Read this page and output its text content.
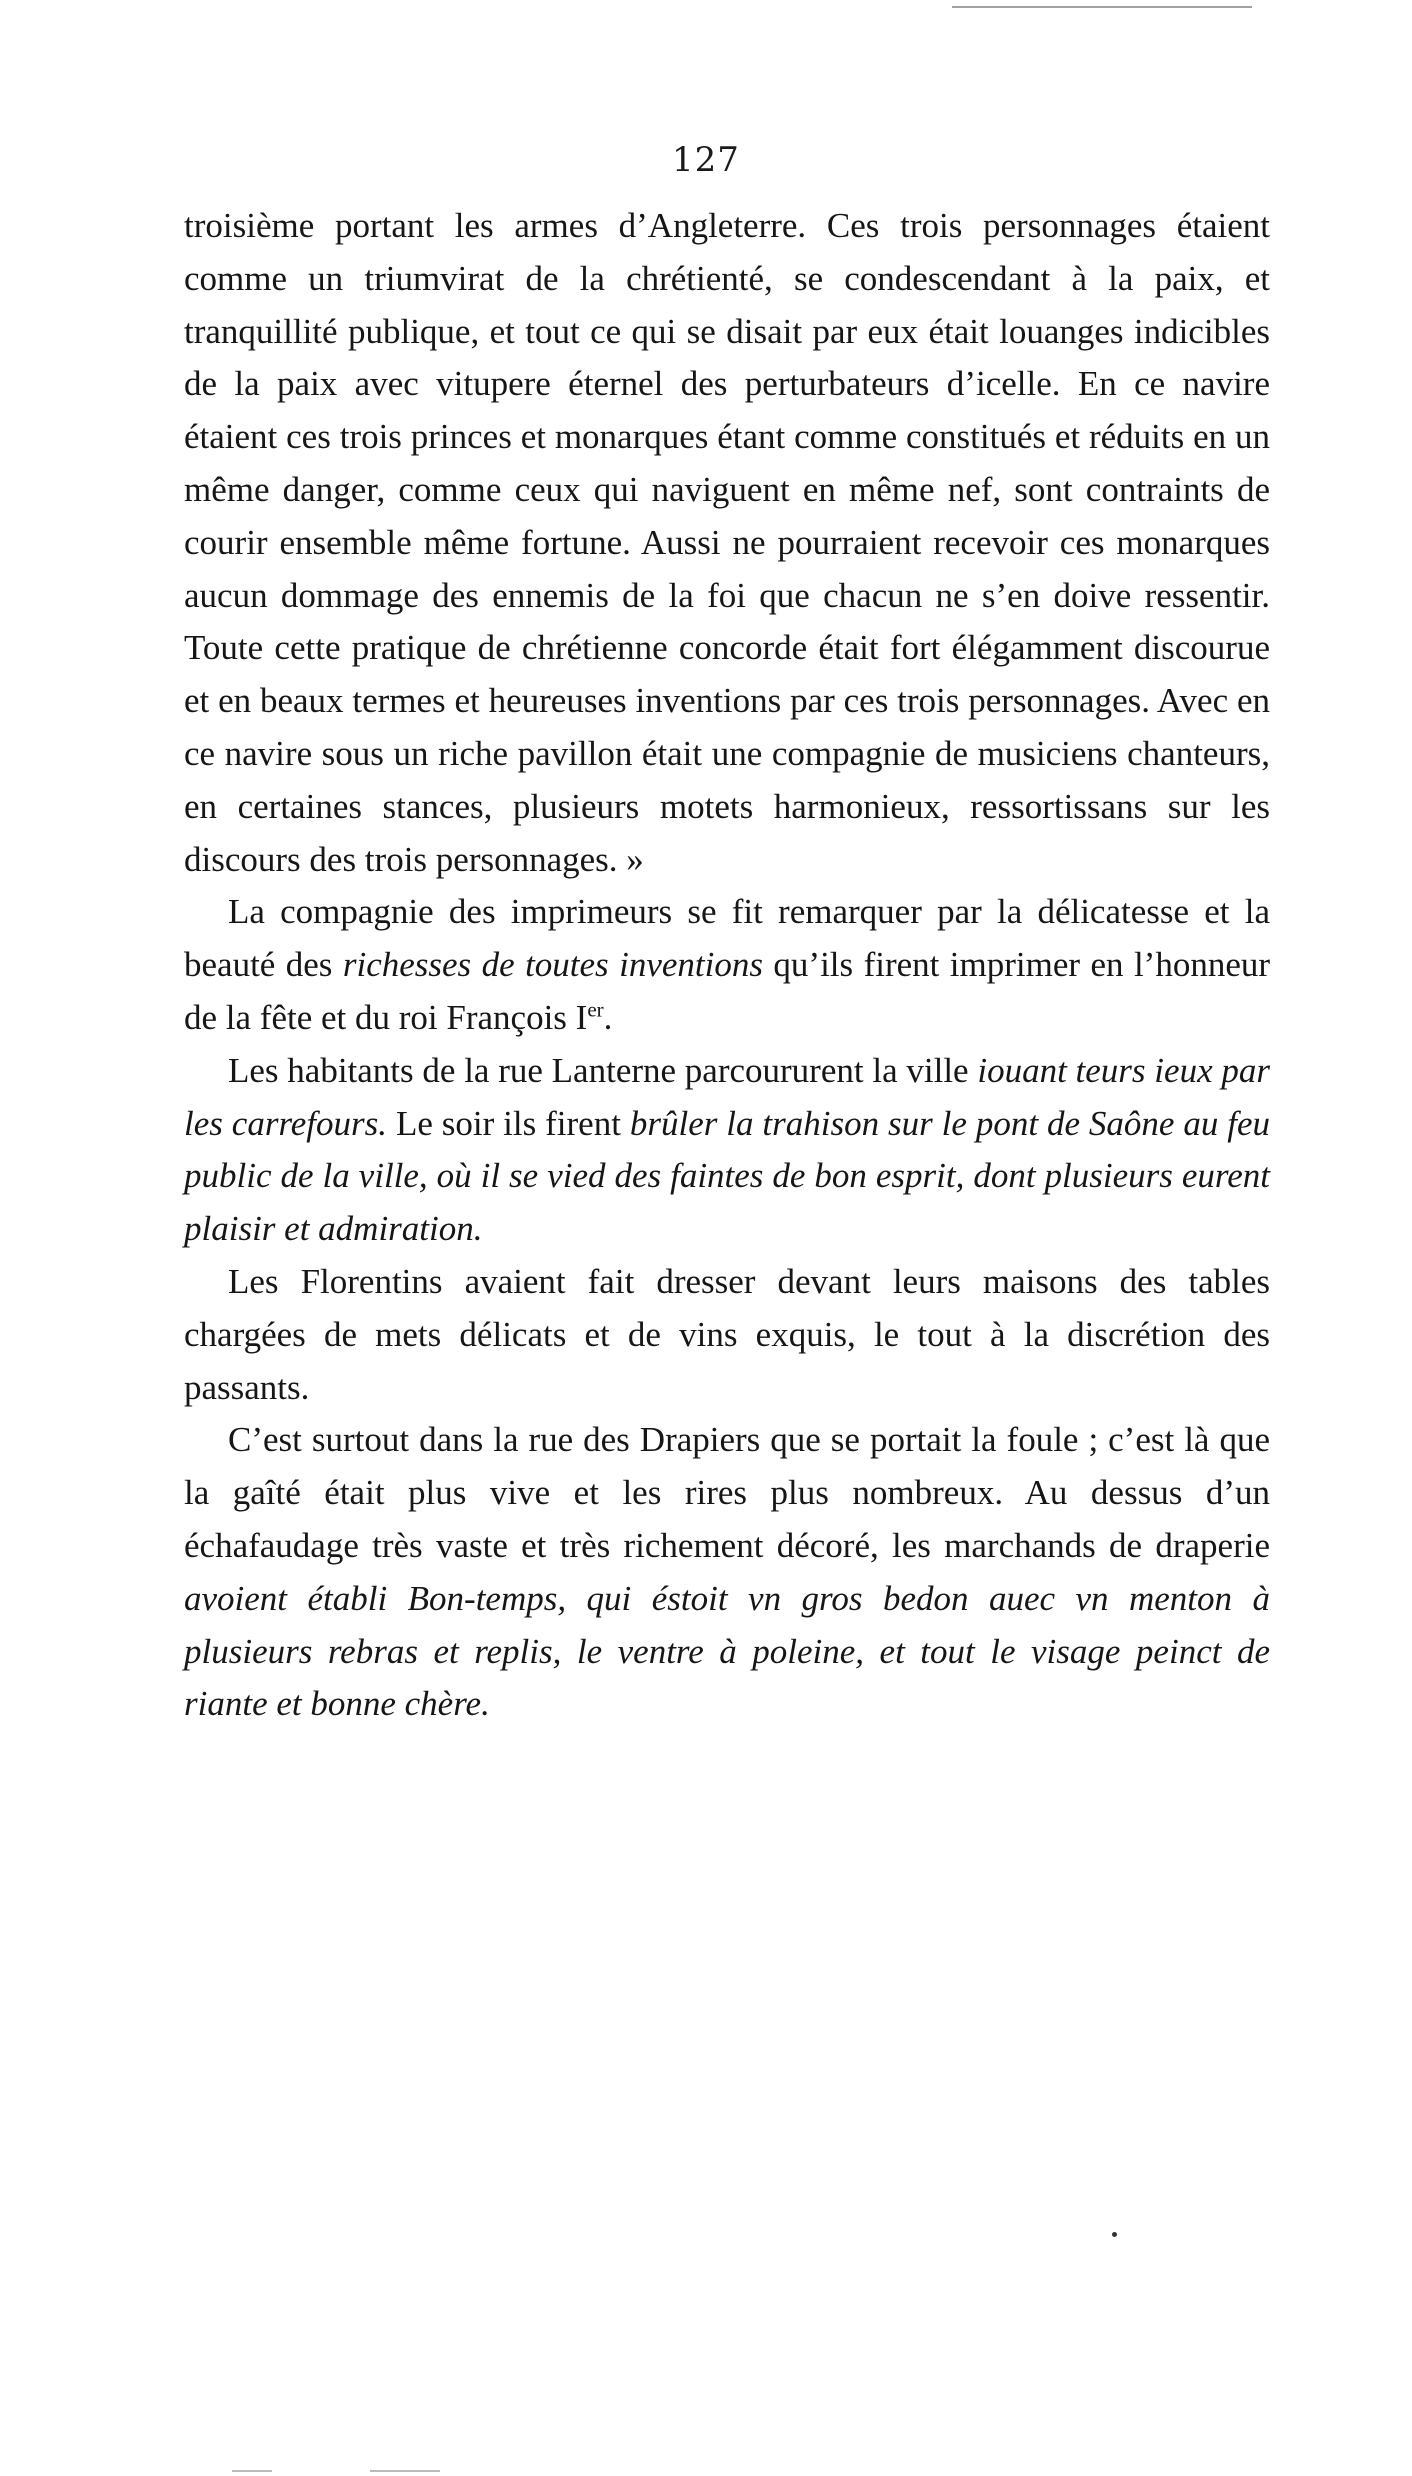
127

troisième portant les armes d’Angleterre. Ces trois personnages étaient comme un triumvirat de la chrétienté, se condescendant à la paix, et tranquillité publique, et tout ce qui se disait par eux était louanges indicibles de la paix avec vitupere éternel des perturbateurs d’icelle. En ce navire étaient ces trois princes et monarques étant comme constitués et réduits en un même danger, comme ceux qui naviguent en même nef, sont contraints de courir ensemble même fortune. Aussi ne pourraient recevoir ces monarques aucun dommage des ennemis de la foi que chacun ne s’en doive ressentir. Toute cette pratique de chrétienne concorde était fort élégamment discourue et en beaux termes et heureuses inventions par ces trois personnages. Avec en ce navire sous un riche pavillon était une compagnie de musiciens chanteurs, en certaines stances, plusieurs motets harmonieux, ressortissans sur les discours des trois personnages. »

La compagnie des imprimeurs se fit remarquer par la délicatesse et la beauté des richesses de toutes inventions qu’ils firent imprimer en l’honneur de la fête et du roi François Ier.

Les habitants de la rue Lanterne parcoururent la ville iouant teurs ieux par les carrefours. Le soir ils firent brûler la trahison sur le pont de Saône au feu public de la ville, où il se vied des faintes de bon esprit, dont plusieurs eurent plaisir et admiration.

Les Florentins avaient fait dresser devant leurs maisons des tables chargées de mets délicats et de vins exquis, le tout à la discrétion des passants.

C’est surtout dans la rue des Drapiers que se portait la foule ; c’est là que la gaîté était plus vive et les rires plus nombreux. Au dessus d’un échafaudage très vaste et très richement décoré, les marchands de draperie avoient établi Bon-temps, qui éstoit vn gros bedon auec vn menton à plusieurs rebras et replis, le ventre à poleine, et tout le visage peinct de riante et bonne chère.
